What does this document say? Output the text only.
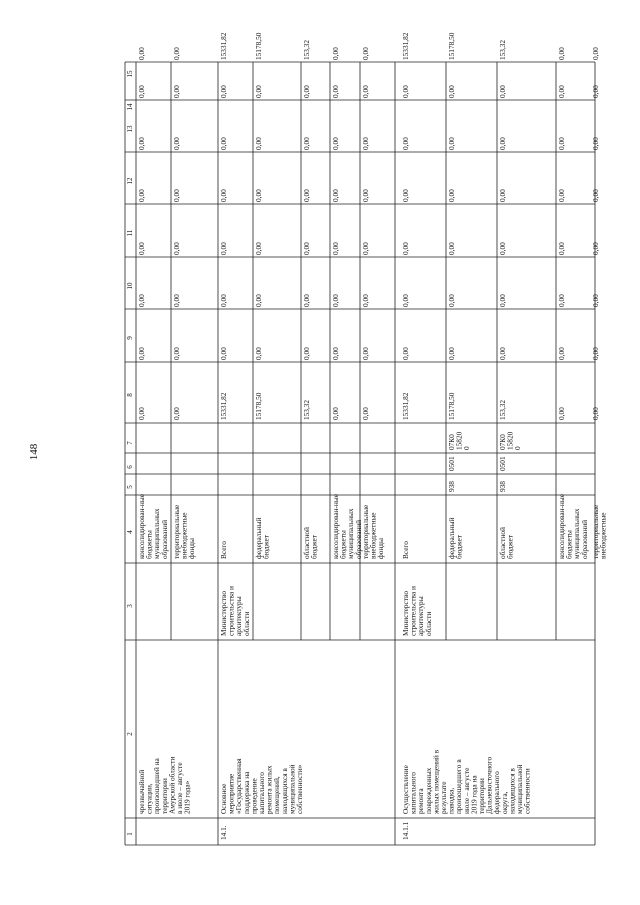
148
1
2
3
4
5
6
7
8
9
10
11
12
13
14
15
чрезвычайной
ситуации,
произошедшей на
территории
Амурской области
в июле – августе
2019 года»
консолидирован-ные
бюджеты
муниципальных
образований
0,00
0,00
0,00
0,00
0,00
0,00
0,00
0,00
территориальные
внебюджетные
фонды
0,00
0,00
0,00
0,00
0,00
0,00
0,00
0,00
14.1.
Основное
мероприятие
«Государственная
поддержка на
проведение
капитального
ремонта жилых
помещений,
находящихся в
муниципальной
собственности»
Министерство
строительства и
архитектуры
области
Всего
15331,82
0,00
0,00
0,00
0,00
0,00
0,00
15331,82
федеральный
бюджет
15178,50
0,00
0,00
0,00
0,00
0,00
0,00
15178,50
областной
бюджет
153,32
0,00
0,00
0,00
0,00
0,00
0,00
153,32
консолидирован-ные
бюджеты
муниципальных
образований
0,00
0,00
0,00
0,00
0,00
0,00
0,00
0,00
территориальные
внебюджетные
фонды
0,00
0,00
0,00
0,00
0,00
0,00
0,00
0,00
14.1.1
Осуществление
капитального
ремонта
поврежденных
жилых помещений в
результате
паводка,
произошедшего в
июле – августе
2019 года на
территории
Дальневосточного
федерального
округа,
находящихся в
муниципальной
собственности
Министерство
строительства и
архитектуры
области
Всего
15331,82
0,00
0,00
0,00
0,00
0,00
0,00
15331,82
федеральный
бюджет
938
0501
07К0
15820
0
15178,50
0,00
0,00
0,00
0,00
0,00
0,00
15178,50
областной
бюджет
938
0501
07К0
15820
0
153,32
0,00
0,00
0,00
0,00
0,00
0,00
153,32
консолидирован-ные
бюджеты
муниципальных
образований
0,00
0,00
0,00
0,00
0,00
0,00
0,00
0,00
территориальные
внебюджетные
0,00
0,00
0,00
0,00
0,00
0,00
0,00
0,00
